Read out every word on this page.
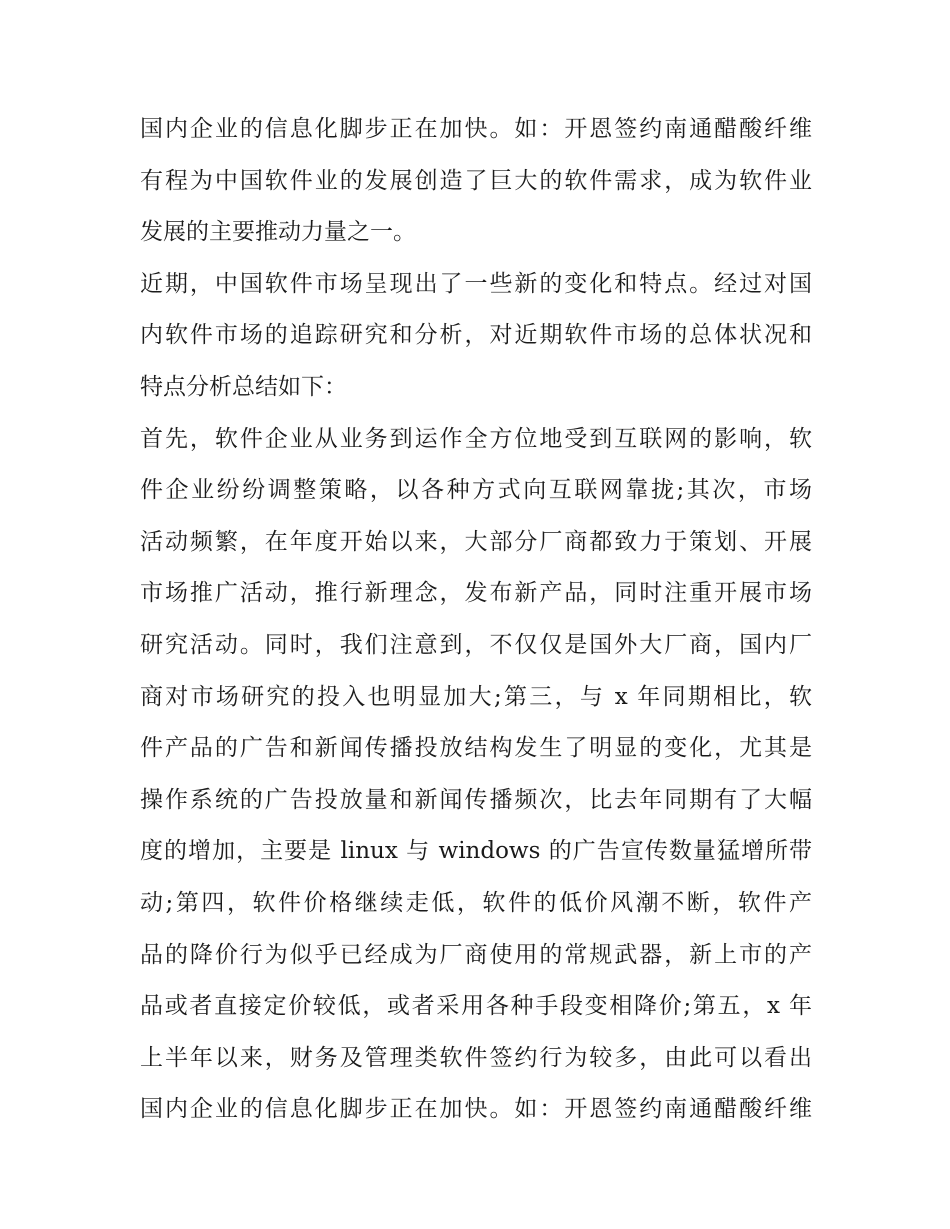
国内企业的信息化脚步正在加快。如：开恩签约南通醋酸纤维
有程为中国软件业的发展创造了巨大的软件需求，成为软件业
发展的主要推动力量之一。
近期，中国软件市场呈现出了一些新的变化和特点。经过对国
内软件市场的追踪研究和分析，对近期软件市场的总体状况和
特点分析总结如下：
首先，软件企业从业务到运作全方位地受到互联网的影响，软
件企业纷纷调整策略，以各种方式向互联网靠拢;其次，市场
活动频繁，在年度开始以来，大部分厂商都致力于策划、开展
市场推广活动，推行新理念，发布新产品，同时注重开展市场
研究活动。同时，我们注意到，不仅仅是国外大厂商，国内厂
商对市场研究的投入也明显加大;第三，与 x 年同期相比，软
件产品的广告和新闻传播投放结构发生了明显的变化，尤其是
操作系统的广告投放量和新闻传播频次，比去年同期有了大幅
度的增加，主要是 linux 与 windows 的广告宣传数量猛增所带
动;第四，软件价格继续走低，软件的低价风潮不断，软件产
品的降价行为似乎已经成为厂商使用的常规武器，新上市的产
品或者直接定价较低，或者采用各种手段变相降价;第五，x 年
上半年以来，财务及管理类软件签约行为较多，由此可以看出
国内企业的信息化脚步正在加快。如：开恩签约南通醋酸纤维
